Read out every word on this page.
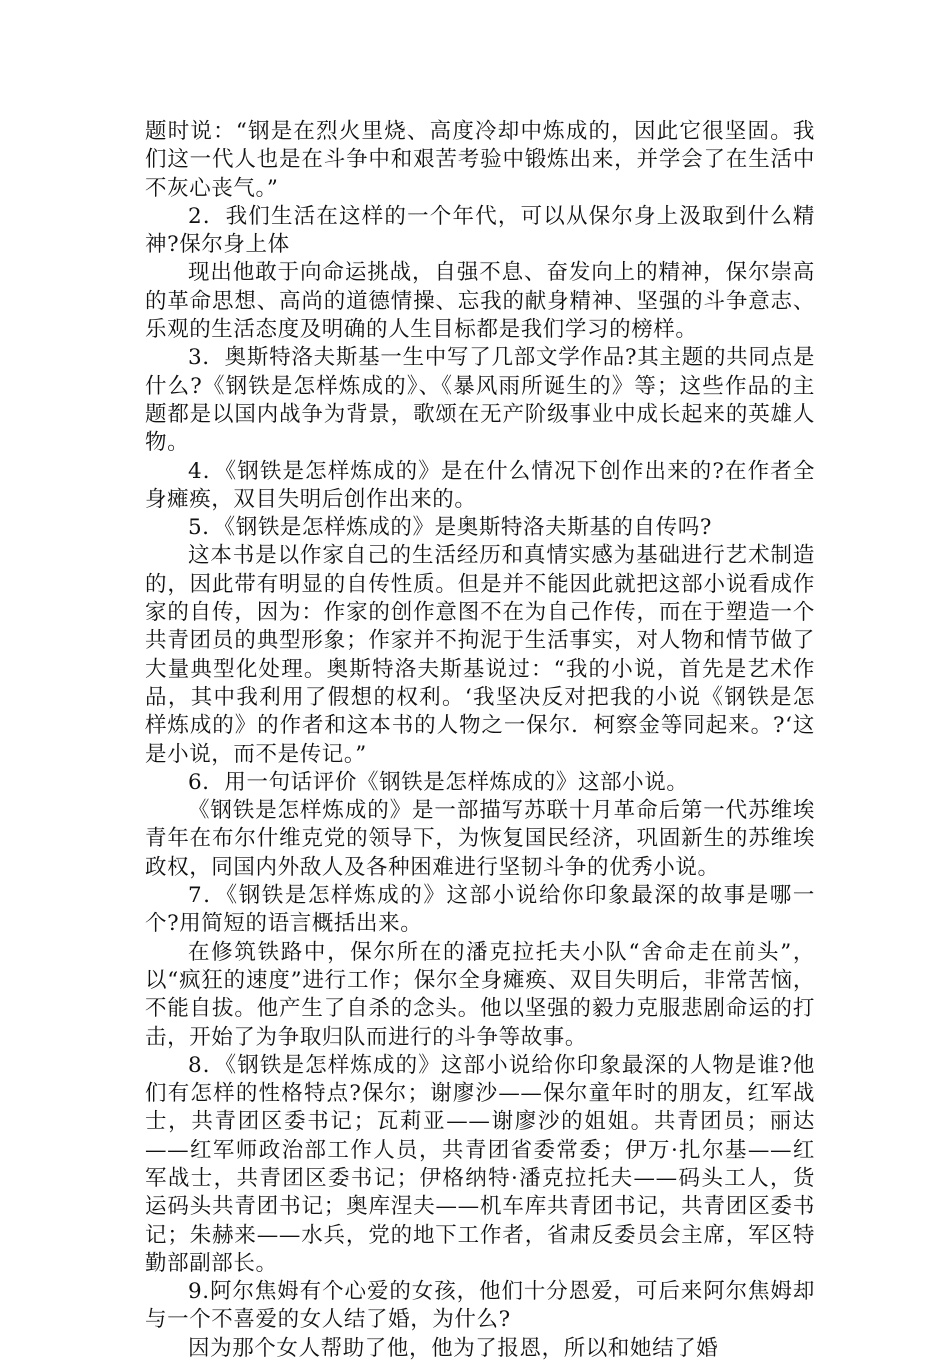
题时说：“钢是在烈火里烧、高度冷却中炼成的，因此它很坚固。我们这一代人也是在斗争中和艰苦考验中锻炼出来，并学会了在生活中不灰心丧气。”

2．我们生活在这样的一个年代，可以从保尔身上汲取到什么精神?保尔身上体

现出他敢于向命运挑战，自强不息、奋发向上的精神，保尔崇高的革命思想、高尚的道德情操、忘我的献身精神、坚强的斗争意志、乐观的生活态度及明确的人生目标都是我们学习的榜样。

3．奥斯特洛夫斯基一生中写了几部文学作品?其主题的共同点是什么?《钢铁是怎样炼成的》、《暴风雨所诞生的》等；这些作品的主题都是以国内战争为背景，歌颂在无产阶级事业中成长起来的英雄人物。

4．《钢铁是怎样炼成的》是在什么情况下创作出来的?在作者全身瘫痪，双目失明后创作出来的。

5．《钢铁是怎样炼成的》是奥斯特洛夫斯基的自传吗?

这本书是以作家自己的生活经历和真情实感为基础进行艺术制造的，因此带有明显的自传性质。但是并不能因此就把这部小说看成作家的自传，因为：作家的创作意图不在为自己作传，而在于塑造一个共青团员的典型形象；作家并不拘泥于生活事实，对人物和情节做了大量典型化处理。奥斯特洛夫斯基说过：“我的小说，首先是艺术作品，其中我利用了假想的权利。‘我坚决反对把我的小说《钢铁是怎样炼成的》的作者和这本书的人物之一保尔．柯察金等同起来。?‘这是小说，而不是传记。”

6．用一句话评价《钢铁是怎样炼成的》这部小说。

《钢铁是怎样炼成的》是一部描写苏联十月革命后第一代苏维埃青年在布尔什维克党的领导下，为恢复国民经济，巩固新生的苏维埃政权，同国内外敌人及各种困难进行坚韧斗争的优秀小说。

7．《钢铁是怎样炼成的》这部小说给你印象最深的故事是哪一个?用简短的语言概括出来。

在修筑铁路中，保尔所在的潘克拉托夫小队“舍命走在前头”，以“疯狂的速度”进行工作；保尔全身瘫痪、双目失明后，非常苦恼，不能自拔。他产生了自杀的念头。他以坚强的毅力克服悲剧命运的打击，开始了为争取归队而进行的斗争等故事。

8．《钢铁是怎样炼成的》这部小说给你印象最深的人物是谁?他们有怎样的性格特点?保尔；谢廖沙——保尔童年时的朋友，红军战士，共青团区委书记；瓦莉亚——谢廖沙的姐姐。共青团员；丽达——红军师政治部工作人员，共青团省委常委；伊万·扎尔基——红军战士，共青团区委书记；伊格纳特·潘克拉托夫——码头工人，货运码头共青团书记；奥库涅夫——机车库共青团书记，共青团区委书记；朱赫来——水兵，党的地下工作者，省肃反委员会主席，军区特勤部副部长。

9.阿尔焦姆有个心爱的女孩，他们十分恩爱，可后来阿尔焦姆却与一个不喜爱的女人结了婚，为什么?

因为那个女人帮助了他，他为了报恩，所以和她结了婚
